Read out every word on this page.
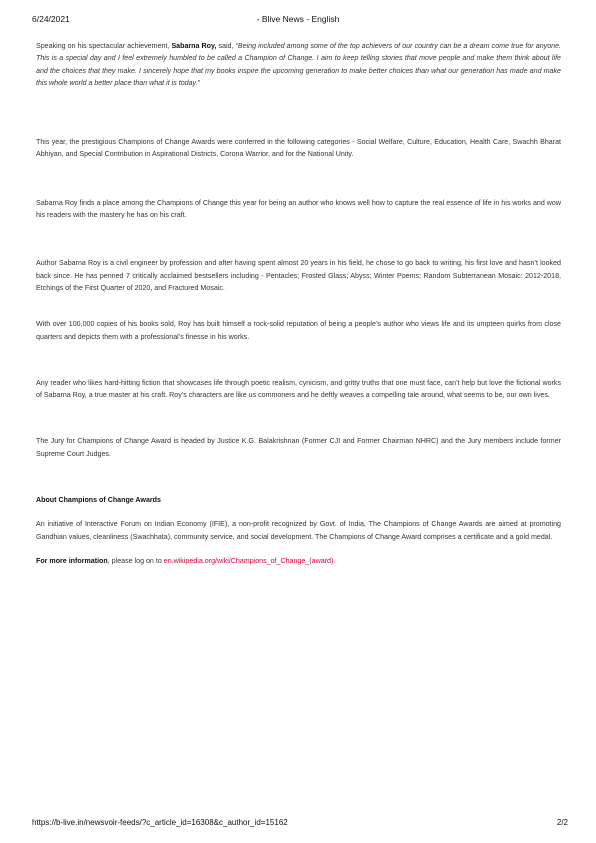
6/24/2021	- Blive News - English

Speaking on his spectacular achievement, Sabarna Roy, said, “Being included among some of the top achievers of our country can be a dream come true for anyone. This is a special day and I feel extremely humbled to be called a Champion of Change. I aim to keep telling stories that move people and make them think about life and the choices that they make. I sincerely hope that my books inspire the upcoming generation to make better choices than what our generation has made and make this whole world a better place than what it is today.”

This year, the prestigious Champions of Change Awards were conferred in the following categories - Social Welfare, Culture, Education, Health Care, Swachh Bharat Abhiyan, and Special Contribution in Aspirational Districts, Corona Warrior, and for the National Unity.

Sabarna Roy finds a place among the Champions of Change this year for being an author who knows well how to capture the real essence of life in his works and wow his readers with the mastery he has on his craft.

Author Sabarna Roy is a civil engineer by profession and after having spent almost 20 years in his field, he chose to go back to writing, his first love and hasn’t looked back since. He has penned 7 critically acclaimed bestsellers including - Pentacles; Frosted Glass; Abyss; Winter Poems; Random Subterranean Mosaic: 2012-2018, Etchings of the First Quarter of 2020, and Fractured Mosaic.

With over 100,000 copies of his books sold, Roy has built himself a rock-solid reputation of being a people’s author who views life and its umpteen quirks from close quarters and depicts them with a professional’s finesse in his works.

Any reader who likes hard-hitting fiction that showcases life through poetic realism, cynicism, and gritty truths that one must face, can’t help but love the fictional works of Sabarna Roy, a true master at his craft. Roy’s characters are like us commoners and he deftly weaves a compelling tale around, what seems to be, our own lives.

The Jury for Champions of Change Award is headed by Justice K.G. Balakrishnan (Former CJI and Former Chairman NHRC) and the Jury members include former Supreme Court Judges.

About Champions of Change Awards

An initiative of Interactive Forum on Indian Economy (IFIE), a non-profit recognized by Govt. of India, The Champions of Change Awards are aimed at promoting Gandhian values, cleanliness (Swachhata), community service, and social development. The Champions of Change Award comprises a certificate and a gold medal.

For more information, please log on to en.wikipedia.org/wiki/Champions_of_Change_(award).

https://b-live.in/newsvoir-feeds/?c_article_id=16308&c_author_id=15162	2/2
